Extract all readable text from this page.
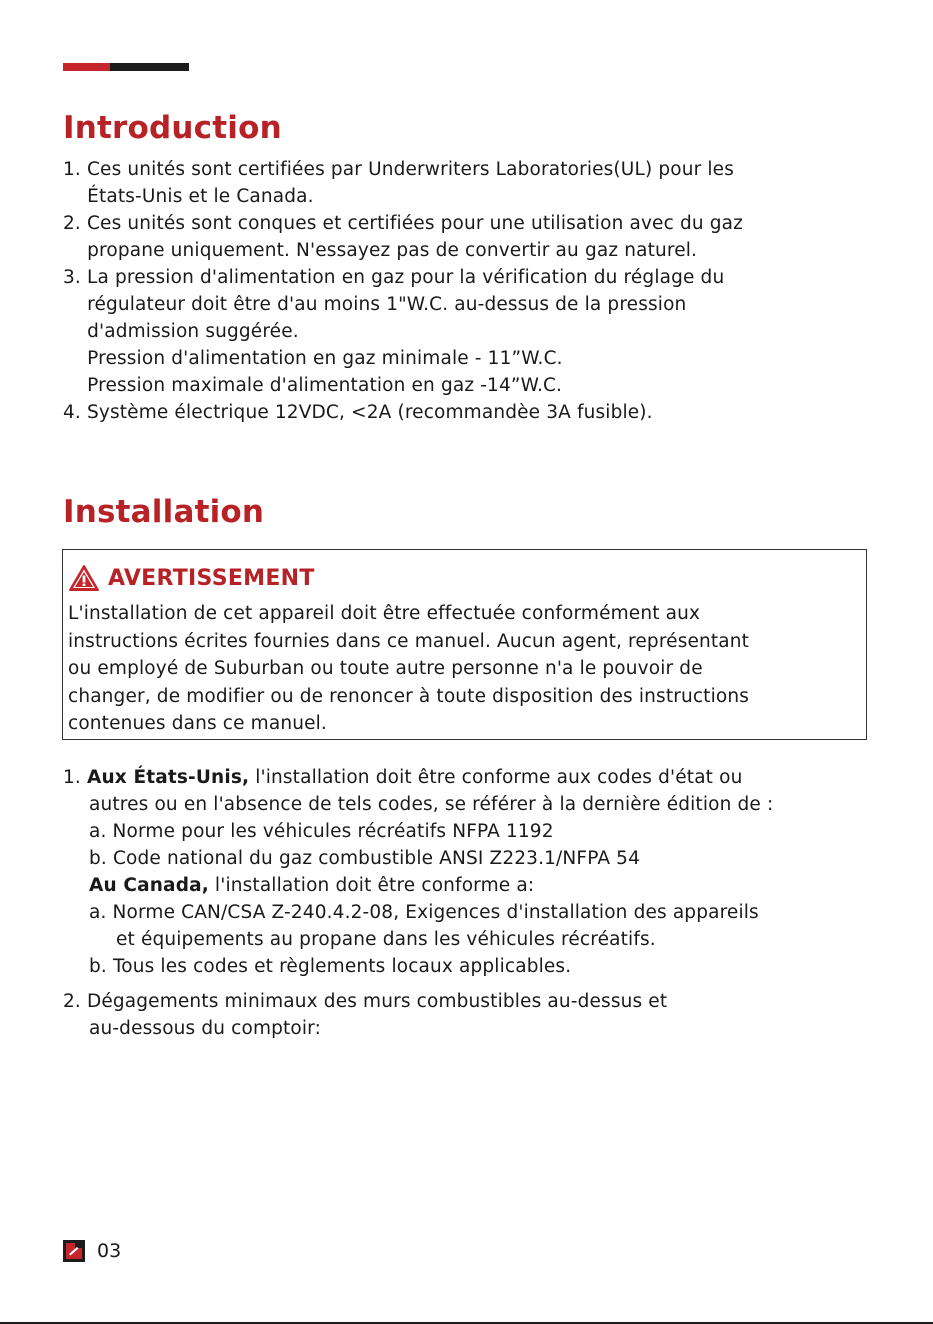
Introduction
1. Ces unités sont certifiées par Underwriters Laboratories(UL) pour les
États-Unis et le Canada.
2. Ces unités sont conques et certifiées pour une utilisation avec du gaz
propane uniquement. N'essayez pas de convertir au gaz naturel.
3. La pression d'alimentation en gaz pour la vérification du réglage du
régulateur doit être d'au moins 1"W.C. au-dessus de la pression
d'admission suggérée.
Pression d'alimentation en gaz minimale - 11”W.C.
Pression maximale d'alimentation en gaz -14”W.C.
4. Système électrique 12VDC, <2A (recommandèe 3A fusible).
Installation
AVERTISSEMENT
L'installation de cet appareil doit être effectuée conformément aux
instructions écrites fournies dans ce manuel. Aucun agent, représentant
ou employé de Suburban ou toute autre personne n'a le pouvoir de
changer, de modifier ou de renoncer à toute disposition des instructions
contenues dans ce manuel.
1. Aux États-Unis, l'installation doit être conforme aux codes d'état ou
autres ou en l'absence de tels codes, se référer à la dernière édition de :
a. Norme pour les véhicules récréatifs NFPA 1192
b. Code national du gaz combustible ANSI Z223.1/NFPA 54
Au Canada, l'installation doit être conforme a:
a. Norme CAN/CSA Z-240.4.2-08, Exigences d'installation des appareils
et équipements au propane dans les véhicules récréatifs.
b. Tous les codes et règlements locaux applicables.
2. Dégagements minimaux des murs combustibles au-dessus et
au-dessous du comptoir:
03
